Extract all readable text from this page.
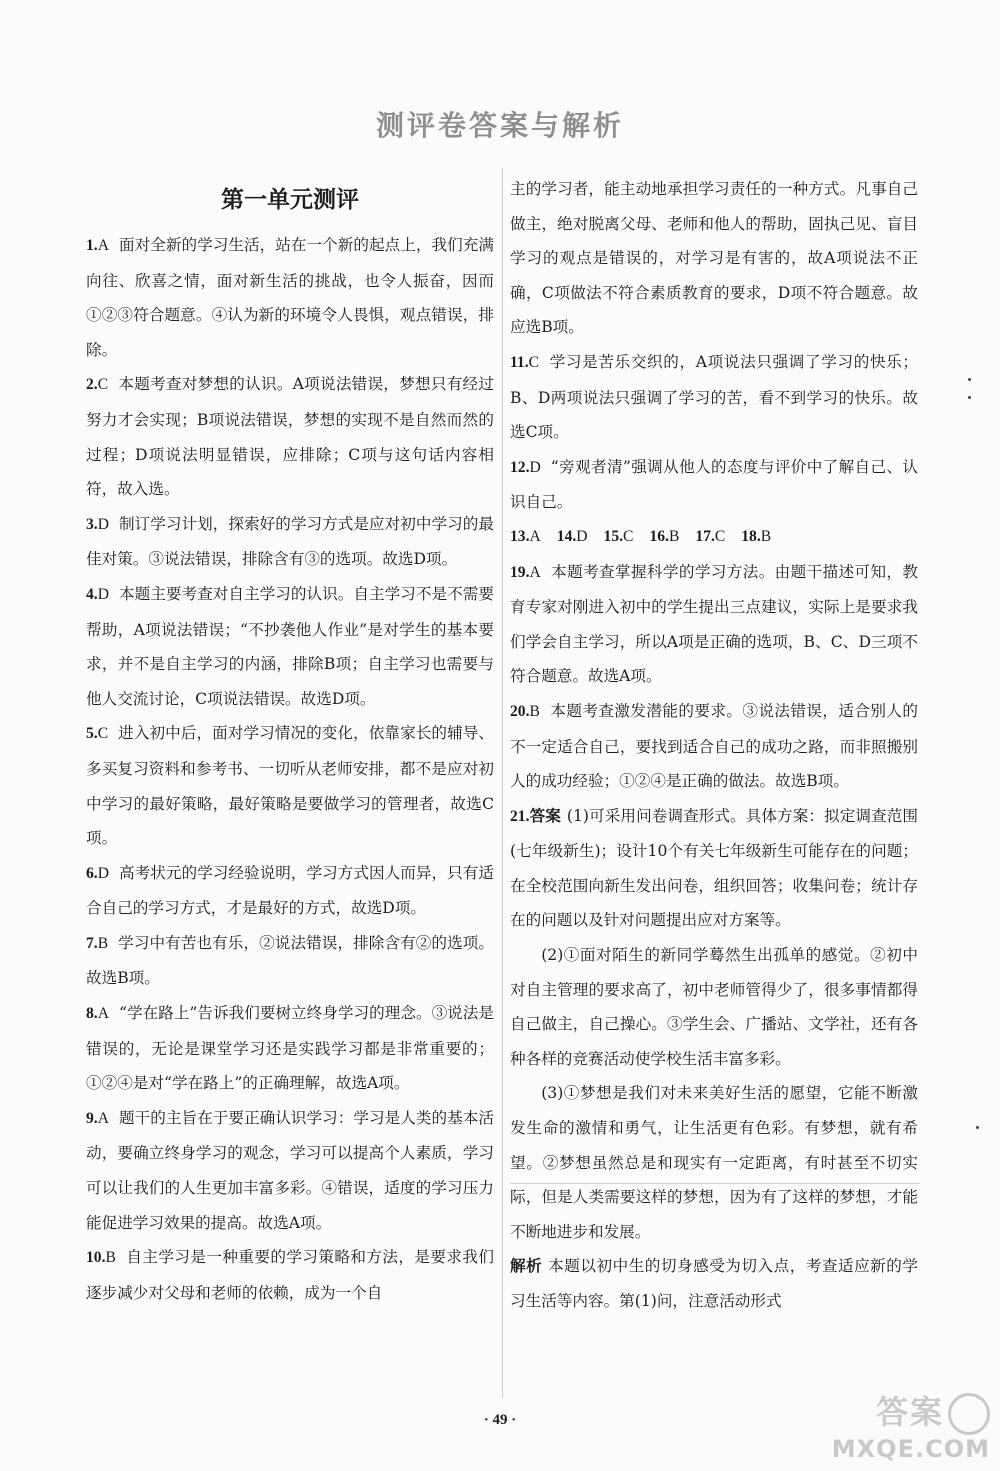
测评卷答案与解析
第一单元测评

1.A 面对全新的学习生活，站在一个新的起点上，我们充满向往、欣喜之情，面对新生活的挑战，也令人振奋，因而①②③符合题意。④认为新的环境令人畏惧，观点错误，排除。

2.C 本题考查对梦想的认识。A项说法错误，梦想只有经过努力才会实现；B项说法错误，梦想的实现不是自然而然的过程；D项说法明显错误，应排除；C项与这句话内容相符，故入选。

3.D 制订学习计划，探索好的学习方式是应对初中学习的最佳对策。③说法错误，排除含有③的选项。故选D项。

4.D 本题主要考查对自主学习的认识。自主学习不是不需要帮助，A项说法错误；“不抄袭他人作业”是对学生的基本要求，并不是自主学习的内涵，排除B项；自主学习也需要与他人交流讨论，C项说法错误。故选D项。

5.C 进入初中后，面对学习情况的变化，依靠家长的辅导、多买复习资料和参考书、一切听从老师安排，都不是应对初中学习的最好策略，最好策略是要做学习的管理者，故选C项。

6.D 高考状元的学习经验说明，学习方式因人而异，只有适合自己的学习方式，才是最好的方式，故选D项。

7.B 学习中有苦也有乐，②说法错误，排除含有②的选项。故选B项。

8.A “学在路上”告诉我们要树立终身学习的理念。③说法是错误的，无论是课堂学习还是实践学习都是非常重要的；①②④是对“学在路上”的正确理解，故选A项。

9.A 题干的主旨在于要正确认识学习：学习是人类的基本活动，要确立终身学习的观念，学习可以提高个人素质，学习可以让我们的人生更加丰富多彩。④错误，适度的学习压力能促进学习效果的提高。故选A项。

10.B 自主学习是一种重要的学习策略和方法，是要求我们逐步减少对父母和老师的依赖，成为一个自

主的学习者，能主动地承担学习责任的一种方式。凡事自己做主，绝对脱离父母、老师和他人的帮助，固执己见、盲目学习的观点是错误的，对学习是有害的，故A项说法不正确，C项做法不符合素质教育的要求，D项不符合题意。故应选B项。

11.C 学习是苦乐交织的，A项说法只强调了学习的快乐；B、D两项说法只强调了学习的苦，看不到学习的快乐。故选C项。

12.D “旁观者清”强调从他人的态度与评价中了解自己、认识自己。

13.A 14.D 15.C 16.B 17.C 18.B

19.A 本题考查掌握科学的学习方法。由题干描述可知，教育专家对刚进入初中的学生提出三点建议，实际上是要求我们学会自主学习，所以A项是正确的选项，B、C、D三项不符合题意。故选A项。

20.B 本题考查激发潜能的要求。③说法错误，适合别人的不一定适合自己，要找到适合自己的成功之路，而非照搬别人的成功经验；①②④是正确的做法。故选B项。

21.答案 (1)可采用问卷调查形式。具体方案：拟定调查范围(七年级新生)；设计10个有关七年级新生可能存在的问题；在全校范围向新生发出问卷，组织回答；收集问卷；统计存在的问题以及针对问题提出应对方案等。

(2)①面对陌生的新同学蓦然生出孤单的感觉。②初中对自主管理的要求高了，初中老师管得少了，很多事情都得自己做主，自己操心。③学生会、广播站、文学社，还有各种各样的竞赛活动使学校生活丰富多彩。

(3)①梦想是我们对未来美好生活的愿望，它能不断激发生命的激情和勇气，让生活更有色彩。有梦想，就有希望。②梦想虽然总是和现实有一定距离，有时甚至不切实际，但是人类需要这样的梦想，因为有了这样的梦想，才能不断地进步和发展。

解析 本题以初中生的切身感受为切入点，考查适应新的学习生活等内容。第(1)问，注意活动形式

· 49 ·	答案
MXQE.COM
